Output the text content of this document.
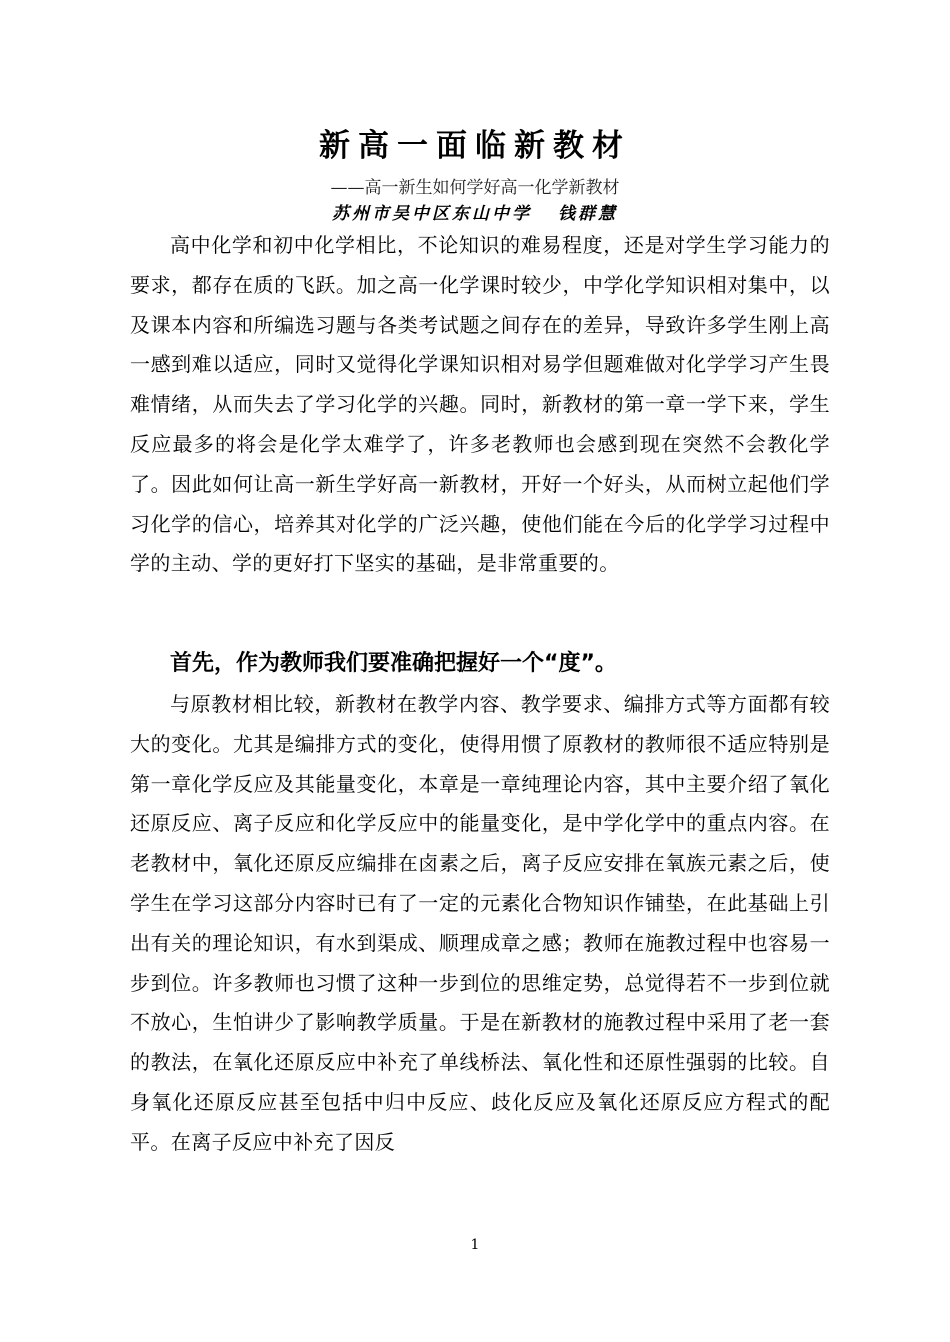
新高一面临新教材
——高一新生如何学好高一化学新教材
苏州市吴中区东山中学 钱群慧
高中化学和初中化学相比，不论知识的难易程度，还是对学生学习能力的要求，都存在质的飞跃。加之高一化学课时较少，中学化学知识相对集中，以及课本内容和所编选习题与各类考试题之间存在的差异，导致许多学生刚上高一感到难以适应，同时又觉得化学课知识相对易学但题难做对化学学习产生畏难情绪，从而失去了学习化学的兴趣。同时，新教材的第一章一学下来，学生反应最多的将会是化学太难学了，许多老教师也会感到现在突然不会教化学了。因此如何让高一新生学好高一新教材，开好一个好头，从而树立起他们学习化学的信心，培养其对化学的广泛兴趣，使他们能在今后的化学学习过程中学的主动、学的更好打下坚实的基础，是非常重要的。
首先，作为教师我们要准确把握好一个“度”。
与原教材相比较，新教材在教学内容、教学要求、编排方式等方面都有较大的变化。尤其是编排方式的变化，使得用惯了原教材的教师很不适应特别是第一章化学反应及其能量变化，本章是一章纯理论内容，其中主要介绍了氧化还原反应、离子反应和化学反应中的能量变化，是中学化学中的重点内容。在老教材中，氧化还原反应编排在卤素之后，离子反应安排在氧族元素之后，使学生在学习这部分内容时已有了一定的元素化合物知识作铺垫，在此基础上引出有关的理论知识，有水到渠成、顺理成章之感；教师在施教过程中也容易一步到位。许多教师也习惯了这种一步到位的思维定势，总觉得若不一步到位就不放心，生怕讲少了影响教学质量。于是在新教材的施教过程中采用了老一套的教法，在氧化还原反应中补充了单线桥法、氧化性和还原性强弱的比较。自身氧化还原反应甚至包括中归中反应、歧化反应及氧化还原反应方程式的配平。在离子反应中补充了因反
1
